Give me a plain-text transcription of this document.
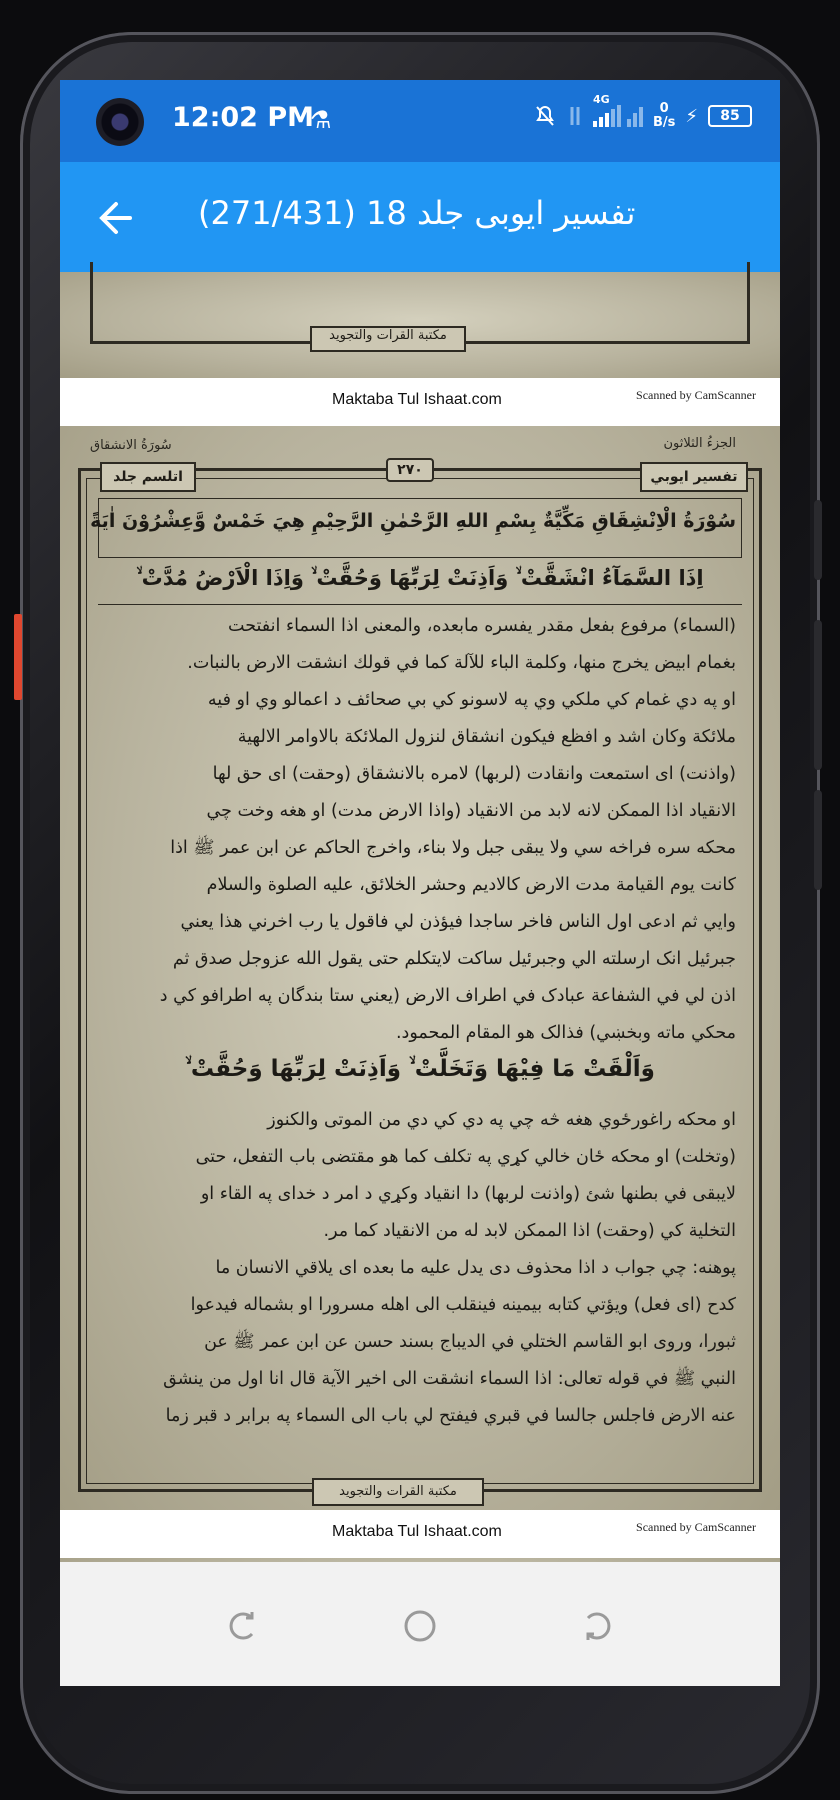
12:02 PM
⚗
4G
0
B/s ⚡ 85
تفسیر ایوبی جلد 18 (271/431)
مكتبة القرات والتجويد
Maktaba Tul Ishaat.com	Scanned by CamScanner
الجزءُ الثلاثون
سُورَةُ الانشقاق
تفسير ايوبي
اتلسم جلد	٢٧٠
سُوْرَةُ الْاِنْشِقَاقِ مَكِّيَّةٌ بِسْمِ اللهِ الرَّحْمٰنِ الرَّحِيْمِ هِيَ خَمْسٌ وَّعِشْرُوْنَ اٰيَةً
اِذَا السَّمَآءُ انْشَقَّتْ ۙ وَاَذِنَتْ لِرَبِّهَا وَحُقَّتْ ۙ وَاِذَا الْاَرْضُ مُدَّتْ ۙ
(السماء) مرفوع بفعل مقدر يفسره مابعده، والمعنى اذا السماء انفتحت
بغمام ابيض يخرج منها، وكلمة الباء للآلة كما في قولك انشقت الارض بالنبات.
او په دي غمام كي ملكي وي په لاسونو كي بي صحائف د اعمالو وي او فيه
ملائكة وكان اشد و افظع فيكون انشقاق لنزول الملائكة بالاوامر الالهية
(واذنت) اى استمعت وانقادت (لربها) لامره بالانشقاق (وحقت) اى حق لها
الانقياد اذا الممكن لانه لابد من الانقياد (واذا الارض مدت) او هغه وخت چي
محكه سره فراخه سي ولا يبقى جبل ولا بناء، واخرج الحاكم عن ابن عمر ﷺ اذا
كانت يوم القيامة مدت الارض كالاديم وحشر الخلائق، عليه الصلوة والسلام
وايي ثم ادعى اول الناس فاخر ساجدا فيؤذن لي فاقول يا رب اخرني هذا يعني
جبرئيل انک ارسلته الي وجبرئيل ساكت لايتكلم حتى يقول الله عزوجل صدق ثم
اذن لي في الشفاعة عبادک في اطراف الارض (يعني ستا بندگان په اطرافو كي د
محكي ماته وبخښي) فذالک هو المقام المحمود.
وَاَلْقَتْ مَا فِيْهَا وَتَخَلَّتْ ۙ وَاَذِنَتْ لِرَبِّهَا وَحُقَّتْ ۙ
او محكه راغورځوي هغه څه چي په دي كي دي من الموتى والكنوز
(وتخلت) او محكه ځان خالي كړي په تكلف كما هو مقتضى باب التفعل، حتى
لايبقى في بطنها شئ (واذنت لربها) دا انقياد وكړي د امر د خداى په القاء او
التخلية كي (وحقت) اذا الممكن لابد له من الانقياد كما مر.
پوهنه: چي جواب د اذا محذوف دى يدل عليه ما بعده اى يلاقي الانسان ما
كدح (اى فعل) ويؤتي كتابه بيمينه فينقلب الى اهله مسرورا او بشماله فيدعوا
ثبورا، وروى ابو القاسم الختلي في الديباج بسند حسن عن ابن عمر ﷺ عن
النبي ﷺ في قوله تعالى: اذا السماء انشقت الى اخير الآية قال انا اول من ينشق
عنه الارض فاجلس جالسا في قبري فيفتح لي باب الى السماء په برابر د قبر زما
مكتبة القرات والتجويد
Maktaba Tul Ishaat.com	Scanned by CamScanner
